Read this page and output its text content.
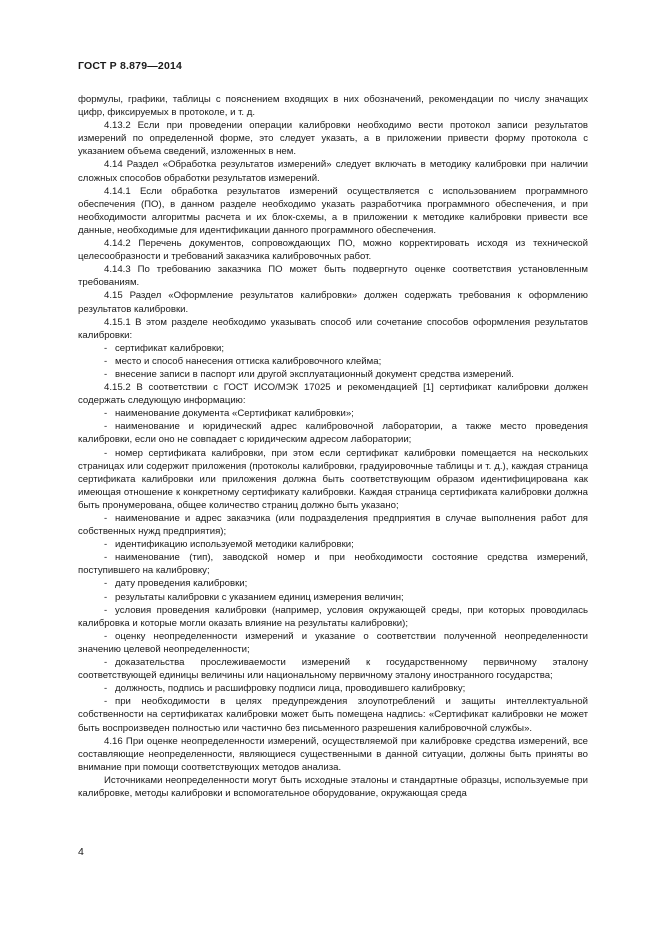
ГОСТ Р 8.879—2014

формулы, графики, таблицы с пояснением входящих в них обозначений, рекомендации по числу значащих цифр, фиксируемых в протоколе, и т. д.

4.13.2 Если при проведении операции калибровки необходимо вести протокол записи результатов измерений по определенной форме, это следует указать, а в приложении привести форму протокола с указанием объема сведений, изложенных в нем.

4.14 Раздел «Обработка результатов измерений» следует включать в методику калибровки при наличии сложных способов обработки результатов измерений.

4.14.1 Если обработка результатов измерений осуществляется с использованием программного обеспечения (ПО), в данном разделе необходимо указать разработчика программного обеспечения, и при необходимости алгоритмы расчета и их блок-схемы, а в приложении к методике калибровки привести все данные, необходимые для идентификации данного программного обеспечения.

4.14.2 Перечень документов, сопровождающих ПО, можно корректировать исходя из технической целесообразности и требований заказчика калибровочных работ.

4.14.3 По требованию заказчика ПО может быть подвергнуто оценке соответствия установленным требованиям.

4.15 Раздел «Оформление результатов калибровки» должен содержать требования к оформлению результатов калибровки.

4.15.1 В этом разделе необходимо указывать способ или сочетание способов оформления результатов калибровки:

- сертификат калибровки;

- место и способ нанесения оттиска калибровочного клейма;

- внесение записи в паспорт или другой эксплуатационный документ средства измерений.

4.15.2 В соответствии с ГОСТ ИСО/МЭК 17025 и рекомендацией [1] сертификат калибровки должен содержать следующую информацию:

- наименование документа «Сертификат калибровки»;

- наименование и юридический адрес калибровочной лаборатории, а также место проведения калибровки, если оно не совпадает с юридическим адресом лаборатории;

- номер сертификата калибровки, при этом если сертификат калибровки помещается на нескольких страницах или содержит приложения (протоколы калибровки, градуировочные таблицы и т. д.), каждая страница сертификата калибровки или приложения должна быть соответствующим образом идентифицирована как имеющая отношение к конкретному сертификату калибровки. Каждая страница сертификата калибровки должна быть пронумерована, общее количество страниц должно быть указано;

- наименование и адрес заказчика (или подразделения предприятия в случае выполнения работ для собственных нужд предприятия);

- идентификацию используемой методики калибровки;

- наименование (тип), заводской номер и при необходимости состояние средства измерений, поступившего на калибровку;

- дату проведения калибровки;

- результаты калибровки с указанием единиц измерения величин;

- условия проведения калибровки (например, условия окружающей среды, при которых проводилась калибровка и которые могли оказать влияние на результаты калибровки);

- оценку неопределенности измерений и указание о соответствии полученной неопределенности значению целевой неопределенности;

- доказательства прослеживаемости измерений к государственному первичному эталону соответствующей единицы величины или национальному первичному эталону иностранного государства;

- должность, подпись и расшифровку подписи лица, проводившего калибровку;

- при необходимости в целях предупреждения злоупотреблений и защиты интеллектуальной собственности на сертификатах калибровки может быть помещена надпись: «Сертификат калибровки не может быть воспроизведен полностью или частично без письменного разрешения калибровочной службы».

4.16 При оценке неопределенности измерений, осуществляемой при калибровке средства измерений, все составляющие неопределенности, являющиеся существенными в данной ситуации, должны быть приняты во внимание при помощи соответствующих методов анализа.

Источниками неопределенности могут быть исходные эталоны и стандартные образцы, используемые при калибровке, методы калибровки и вспомогательное оборудование, окружающая среда

4
